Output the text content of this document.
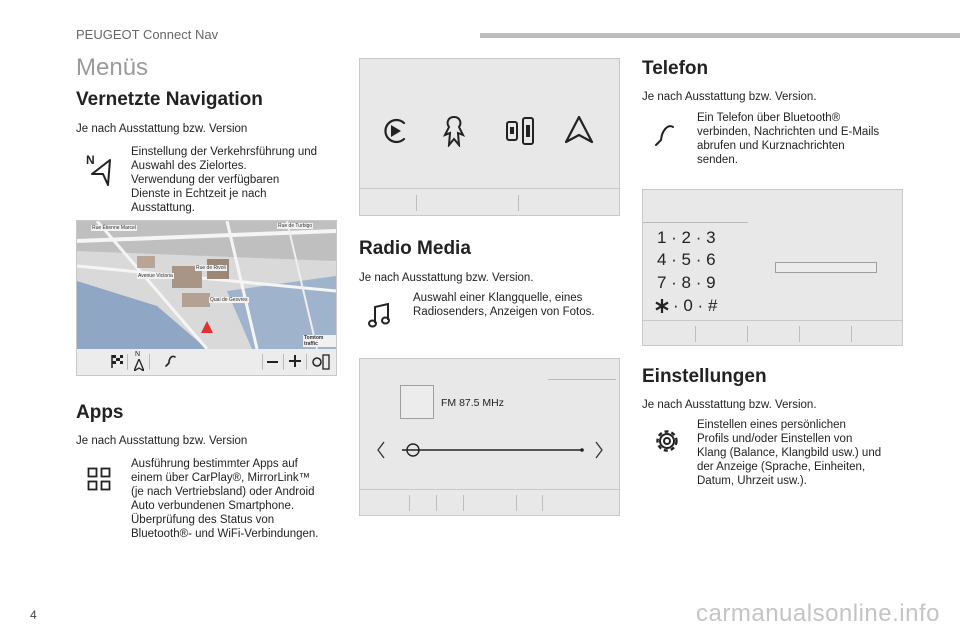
PEUGEOT Connect Nav
Menüs
Vernetzte Navigation
Je nach Ausstattung bzw. Version
N
Einstellung der Verkehrsführung und
Auswahl des Zielortes.
Verwendung der verfügbaren
Dienste in Echtzeit je nach
Ausstattung.
Rue Étienne Marcel	Rue de Turbigo
Rue de Rivoli
Avenue Victoria
Quai de Gesvres
Tomtom traffic
N
Apps
Je nach Ausstattung bzw. Version
Ausführung bestimmter Apps auf
einem über CarPlay®, MirrorLink™
(je nach Vertriebsland) oder Android
Auto verbundenen Smartphone.
Überprüfung des Status von
Bluetooth®- und WiFi-Verbindungen.
Radio Media
Je nach Ausstattung bzw. Version.
Auswahl einer Klangquelle, eines
Radiosenders, Anzeigen von Fotos.
FM 87.5 MHz
Telefon
Je nach Ausstattung bzw. Version.
Ein Telefon über Bluetooth®
verbinden, Nachrichten und E-Mails
abrufen und Kurznachrichten
senden.
1 · 2 · 3
4 · 5 · 6
7 · 8 · 9
· 0 · #
Einstellungen
Je nach Ausstattung bzw. Version.
Einstellen eines persönlichen
Profils und/oder Einstellen von
Klang (Balance, Klangbild usw.) und
der Anzeige (Sprache, Einheiten,
Datum, Uhrzeit usw.).
4	carmanualsonline.info
